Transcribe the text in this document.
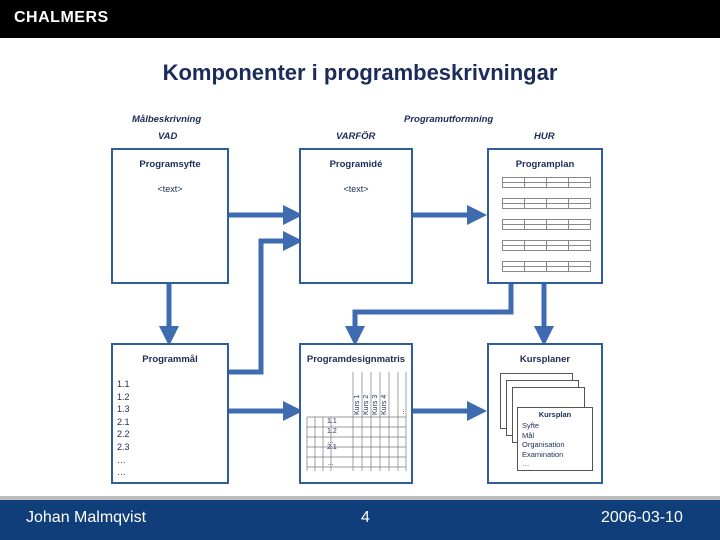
CHALMERS
Komponenter i programbeskrivningar
Målbeskrivning
VAD
Programutformning
VARFÖR	HUR
Programsyfte
<text>
Programidé
<text>
Programplan

Programmål
1.1
1.2
1.3
2.1
2.2
2.3
…
…
Programdesignmatris
Kurs 1 Kurs 2 Kurs 3 Kurs 4 …
1.1
1.2
…
2.1
…
Kursplaner
Kursplan
Syfte
Mål
Organisation
Examination
…
Johan Malmqvist	4	2006-03-10
